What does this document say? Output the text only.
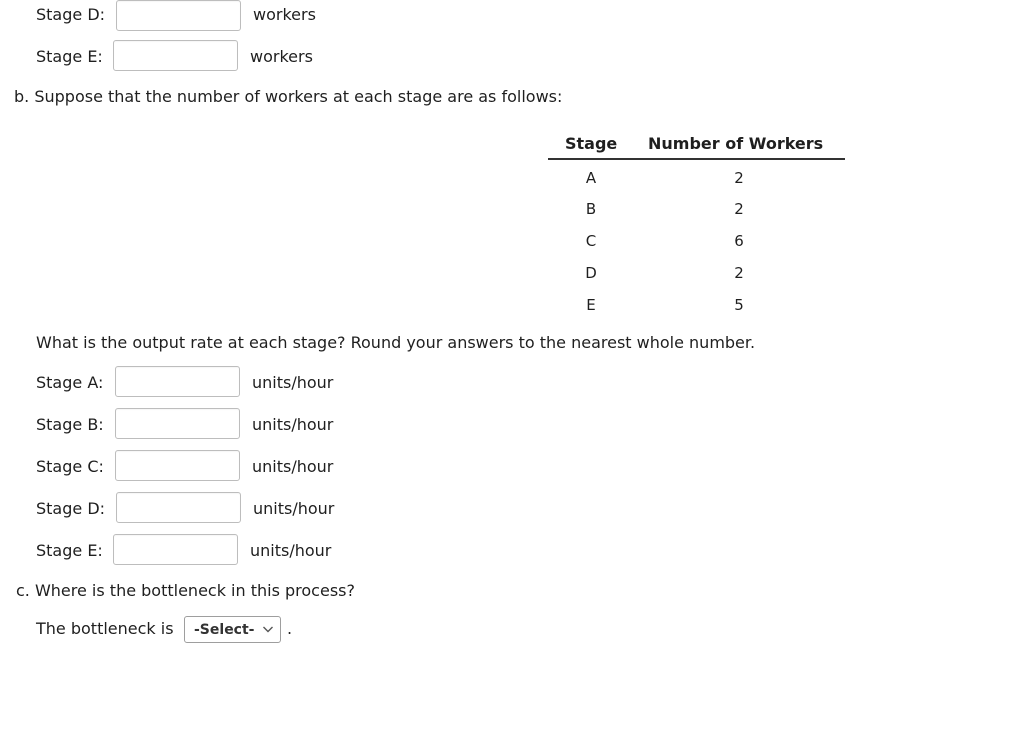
Stage D:	workers
Stage E:	workers
b. Suppose that the number of workers at each stage are as follows:
Stage Number of Workers
A	2
B	2
C	6
D	2
E	5
What is the output rate at each stage? Round your answers to the nearest whole number.
Stage A:	units/hour
Stage B:	units/hour
Stage C:	units/hour
Stage D:	units/hour
Stage E:	units/hour
c. Where is the bottleneck in this process?
The bottleneck is -Select- .
